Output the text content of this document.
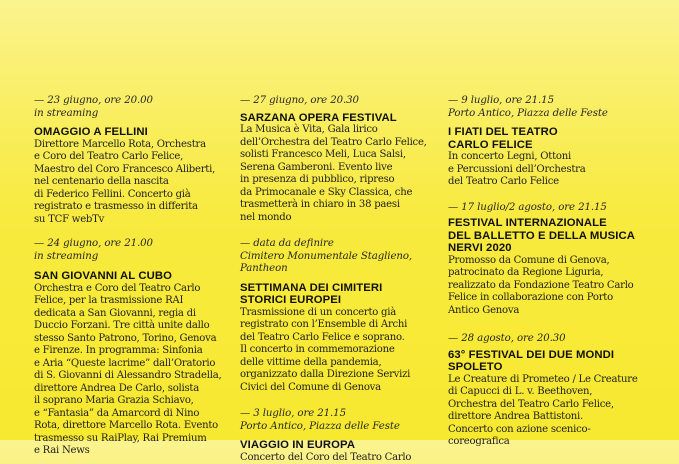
— 23 giugno, ore 20.00
in streaming
OMAGGIO A FELLINI
Direttore Marcello Rota, Orchestra
e Coro del Teatro Carlo Felice,
Maestro del Coro Francesco Aliberti,
nel centenario della nascita
di Federico Fellini. Concerto già
registrato e trasmesso in differita
su TCF webTv
— 24 giugno, ore 21.00
in streaming
SAN GIOVANNI AL CUBO
Orchestra e Coro del Teatro Carlo
Felice, per la trasmissione RAI
dedicata a San Giovanni, regia di
Duccio Forzani. Tre città unite dallo
stesso Santo Patrono, Torino, Genova
e Firenze. In programma: Sinfonia
e Aria “Queste lacrime” dall’Oratorio
di S. Giovanni di Alessandro Stradella,
direttore Andrea De Carlo, solista
il soprano Maria Grazia Schiavo,
e “Fantasia” da Amarcord di Nino
Rota, direttore Marcello Rota. Evento
trasmesso su RaiPlay, Rai Premium
e Rai News
— 27 giugno, ore 20.30
SARZANA OPERA FESTIVAL
La Musica è Vita, Gala lirico
dell’Orchestra del Teatro Carlo Felice,
solisti Francesco Meli, Luca Salsi,
Serena Gamberoni. Evento live
in presenza di pubblico, ripreso
da Primocanale e Sky Classica, che
trasmetterà in chiaro in 38 paesi
nel mondo
— data da definire
Cimitero Monumentale Staglieno,
Pantheon
SETTIMANA DEI CIMITERI
STORICI EUROPEI
Trasmissione di un concerto già
registrato con l’Ensemble di Archi
del Teatro Carlo Felice e soprano.
Il concerto in commemorazione
delle vittime della pandemia,
organizzato dalla Direzione Servizi
Civici del Comune di Genova
— 3 luglio, ore 21.15
Porto Antico, Piazza delle Feste
VIAGGIO IN EUROPA
Concerto del Coro del Teatro Carlo
— 9 luglio, ore 21.15
Porto Antico, Piazza delle Feste
I FIATI DEL TEATRO
CARLO FELICE
In concerto Legni, Ottoni
e Percussioni dell’Orchestra
del Teatro Carlo Felice
— 17 luglio/2 agosto, ore 21.15
FESTIVAL INTERNAZIONALE
DEL BALLETTO E DELLA MUSICA
NERVI 2020
Promosso da Comune di Genova,
patrocinato da Regione Liguria,
realizzato da Fondazione Teatro Carlo
Felice in collaborazione con Porto
Antico Genova
— 28 agosto, ore 20.30
63° FESTIVAL DEI DUE MONDI
SPOLETO
Le Creature di Prometeo / Le Creature
di Capucci di L. v. Beethoven,
Orchestra del Teatro Carlo Felice,
direttore Andrea Battistoni.
Concerto con azione scenico-
coreografica
